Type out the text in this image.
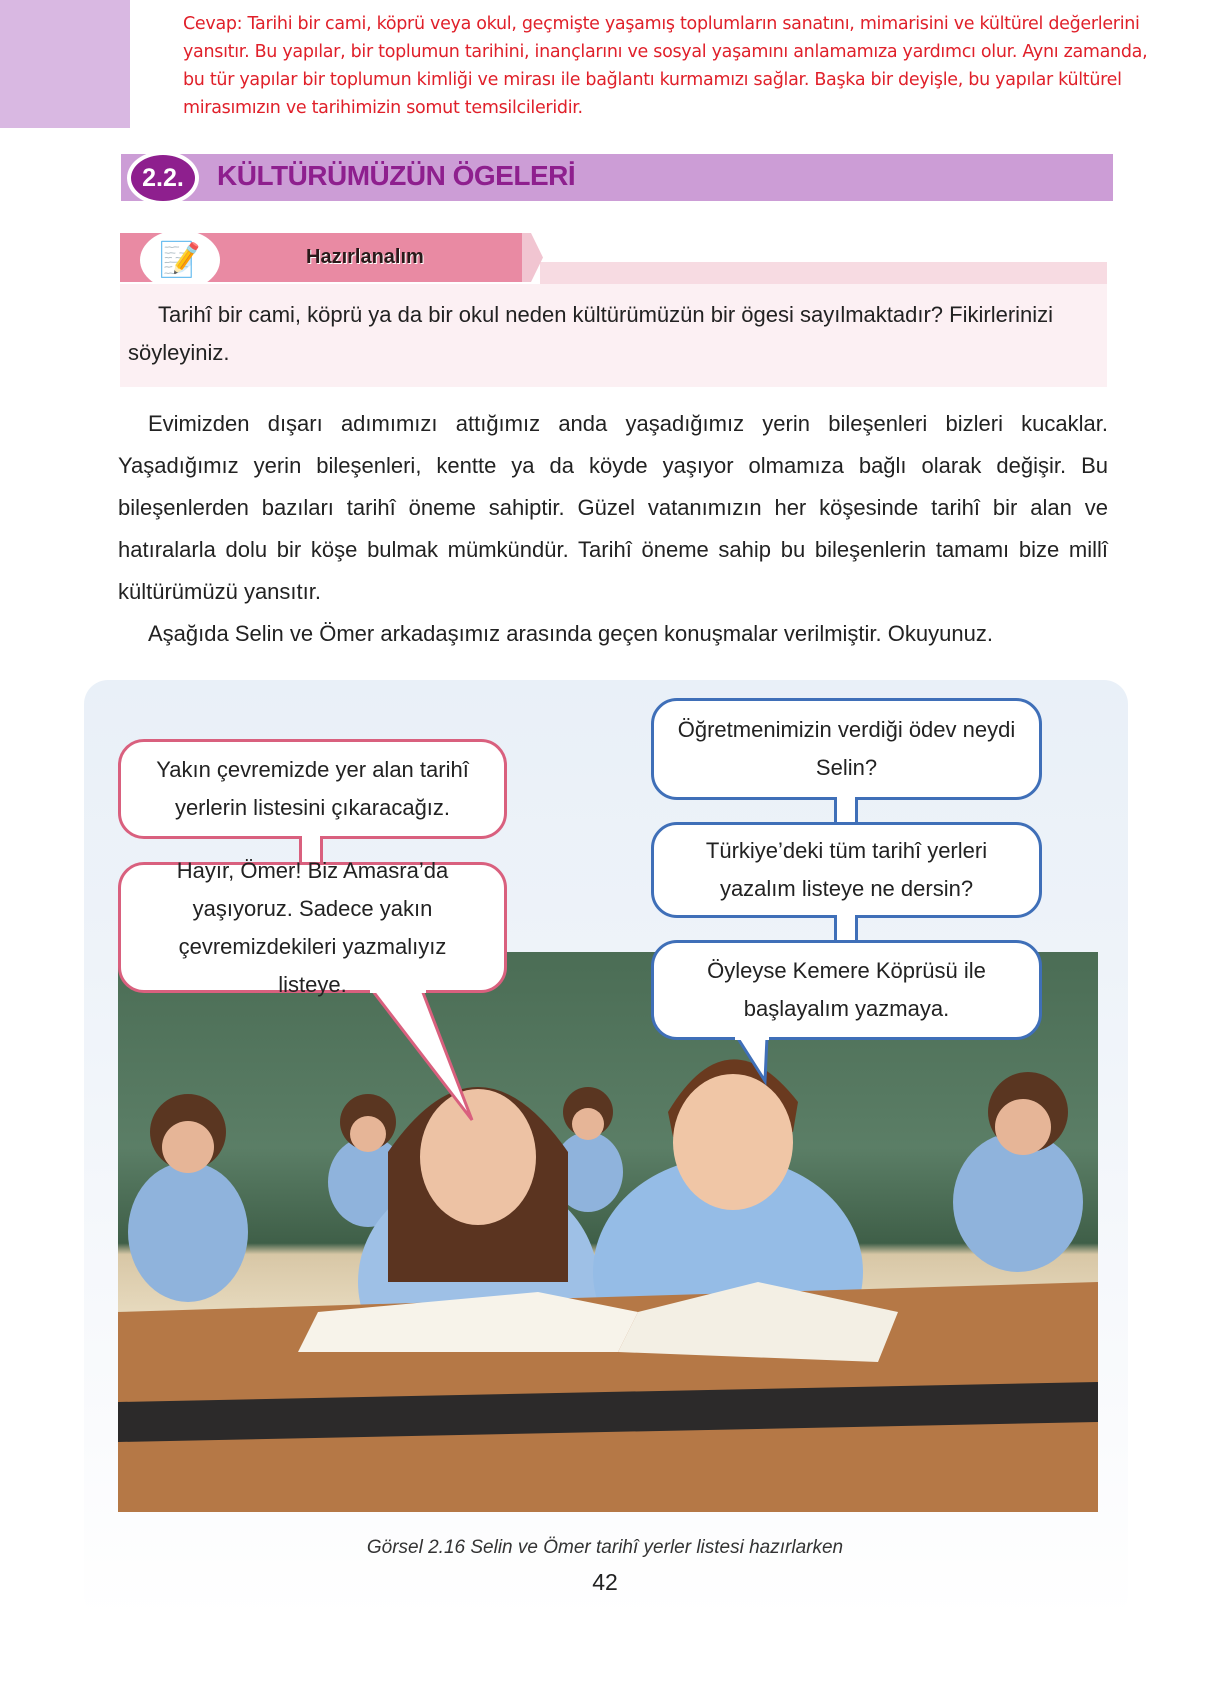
Cevap: Tarihi bir cami, köprü veya okul, geçmişte yaşamış toplumların sanatını, mimarisini ve kültürel değerlerini yansıtır. Bu yapılar, bir toplumun tarihini, inançlarını ve sosyal yaşamını anlamamıza yardımcı olur. Aynı zamanda, bu tür yapılar bir toplumun kimliği ve mirası ile bağlantı kurmamızı sağlar. Başka bir deyişle, bu yapılar kültürel mirasımızın ve tarihimizin somut temsilcileridir.
2.2.	KÜLTÜRÜMÜZÜN ÖGELERİ
📝	Hazırlanalım
Tarihî bir cami, köprü ya da bir okul neden kültürümüzün bir ögesi sayılmaktadır? Fikirlerinizi söyleyiniz.

Evimizden dışarı adımımızı attığımız anda yaşadığımız yerin bileşenleri bizleri kucaklar. Yaşadığımız yerin bileşenleri, kentte ya da köyde yaşıyor olmamıza bağlı olarak değişir. Bu bileşenlerden bazıları tarihî öneme sahiptir. Güzel vatanımızın her köşesinde tarihî bir alan ve hatıralarla dolu bir köşe bulmak mümkündür. Tarihî öneme sahip bu bileşenlerin tamamı bize millî kültürümüzü yansıtır.

Aşağıda Selin ve Ömer arkadaşımız arasında geçen konuşmalar verilmiştir. Okuyunuz.

Yakın çevremizde yer alan tarihî yerlerin listesini çıkaracağız.
Hayır, Ömer! Biz Amasra’da yaşıyoruz. Sadece yakın çevremizdekileri yazmalıyız listeye.
Öğretmenimizin verdiği ödev neydi Selin?
Türkiye’deki tüm tarihî yerleri yazalım listeye ne dersin?
Öyleyse Kemere Köprüsü ile başlayalım yazmaya.
Görsel 2.16 Selin ve Ömer tarihî yerler listesi hazırlarken
42
